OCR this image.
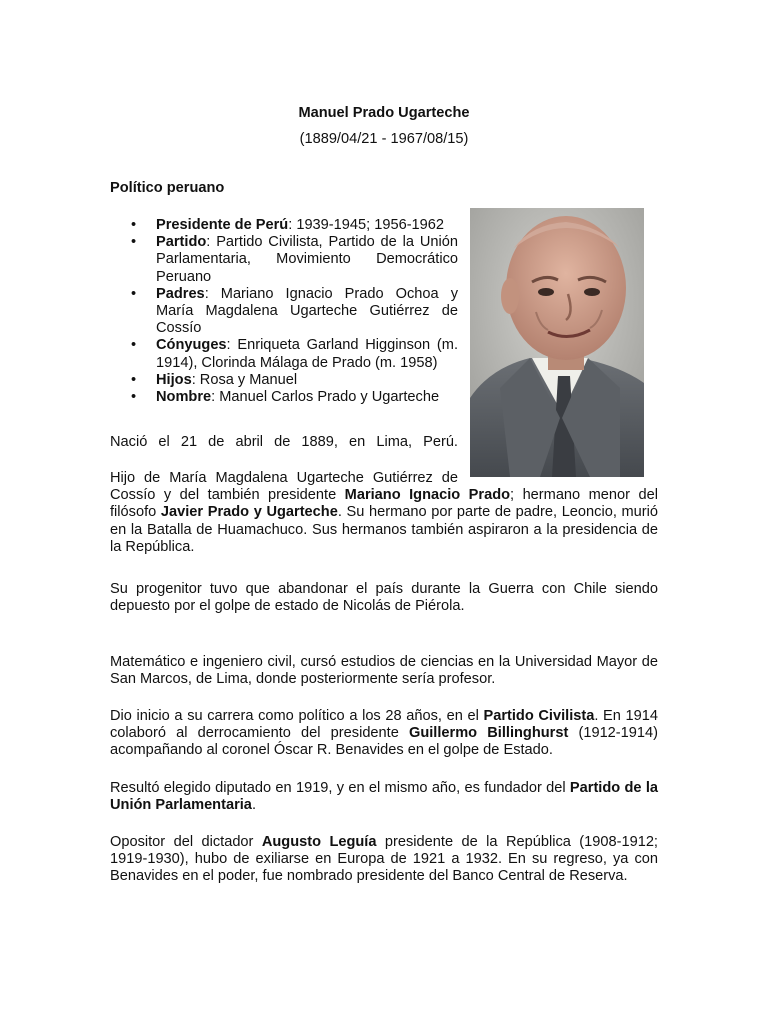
Manuel Prado Ugarteche
(1889/04/21 - 1967/08/15)
Político peruano
• Presidente de Perú: 1939-1945; 1956-1962
• Partido: Partido Civilista, Partido de la Unión Parlamentaria, Movimiento Democrático Peruano
• Padres: Mariano Ignacio Prado Ochoa y María Magdalena Ugarteche Gutiérrez de Cossío
• Cónyuges: Enriqueta Garland Higginson (m. 1914), Clorinda Málaga de Prado (m. 1958)
• Hijos: Rosa y Manuel
• Nombre: Manuel Carlos Prado y Ugarteche

Nació el 21 de abril de 1889, en Lima, Perú.

Hijo de María Magdalena Ugarteche Gutiérrez de
Cossío y del también presidente Mariano Ignacio Prado; hermano menor del filósofo Javier Prado y Ugarteche. Su hermano por parte de padre, Leoncio, murió en la Batalla de Huamachuco. Sus hermanos también aspiraron a la presidencia de la República.

Su progenitor tuvo que abandonar el país durante la Guerra con Chile siendo depuesto por el golpe de estado de Nicolás de Piérola.

Matemático e ingeniero civil, cursó estudios de ciencias en la Universidad Mayor de San Marcos, de Lima, donde posteriormente sería profesor.

Dio inicio a su carrera como político a los 28 años, en el Partido Civilista. En 1914 colaboró al derrocamiento del presidente Guillermo Billinghurst (1912-1914) acompañando al coronel Óscar R. Benavides en el golpe de Estado.

Resultó elegido diputado en 1919, y en el mismo año, es fundador del Partido de la Unión Parlamentaria.

Opositor del dictador Augusto Leguía presidente de la República (1908-1912; 1919-1930), hubo de exiliarse en Europa de 1921 a 1932. En su regreso, ya con Benavides en el poder, fue nombrado presidente del Banco Central de Reserva.
